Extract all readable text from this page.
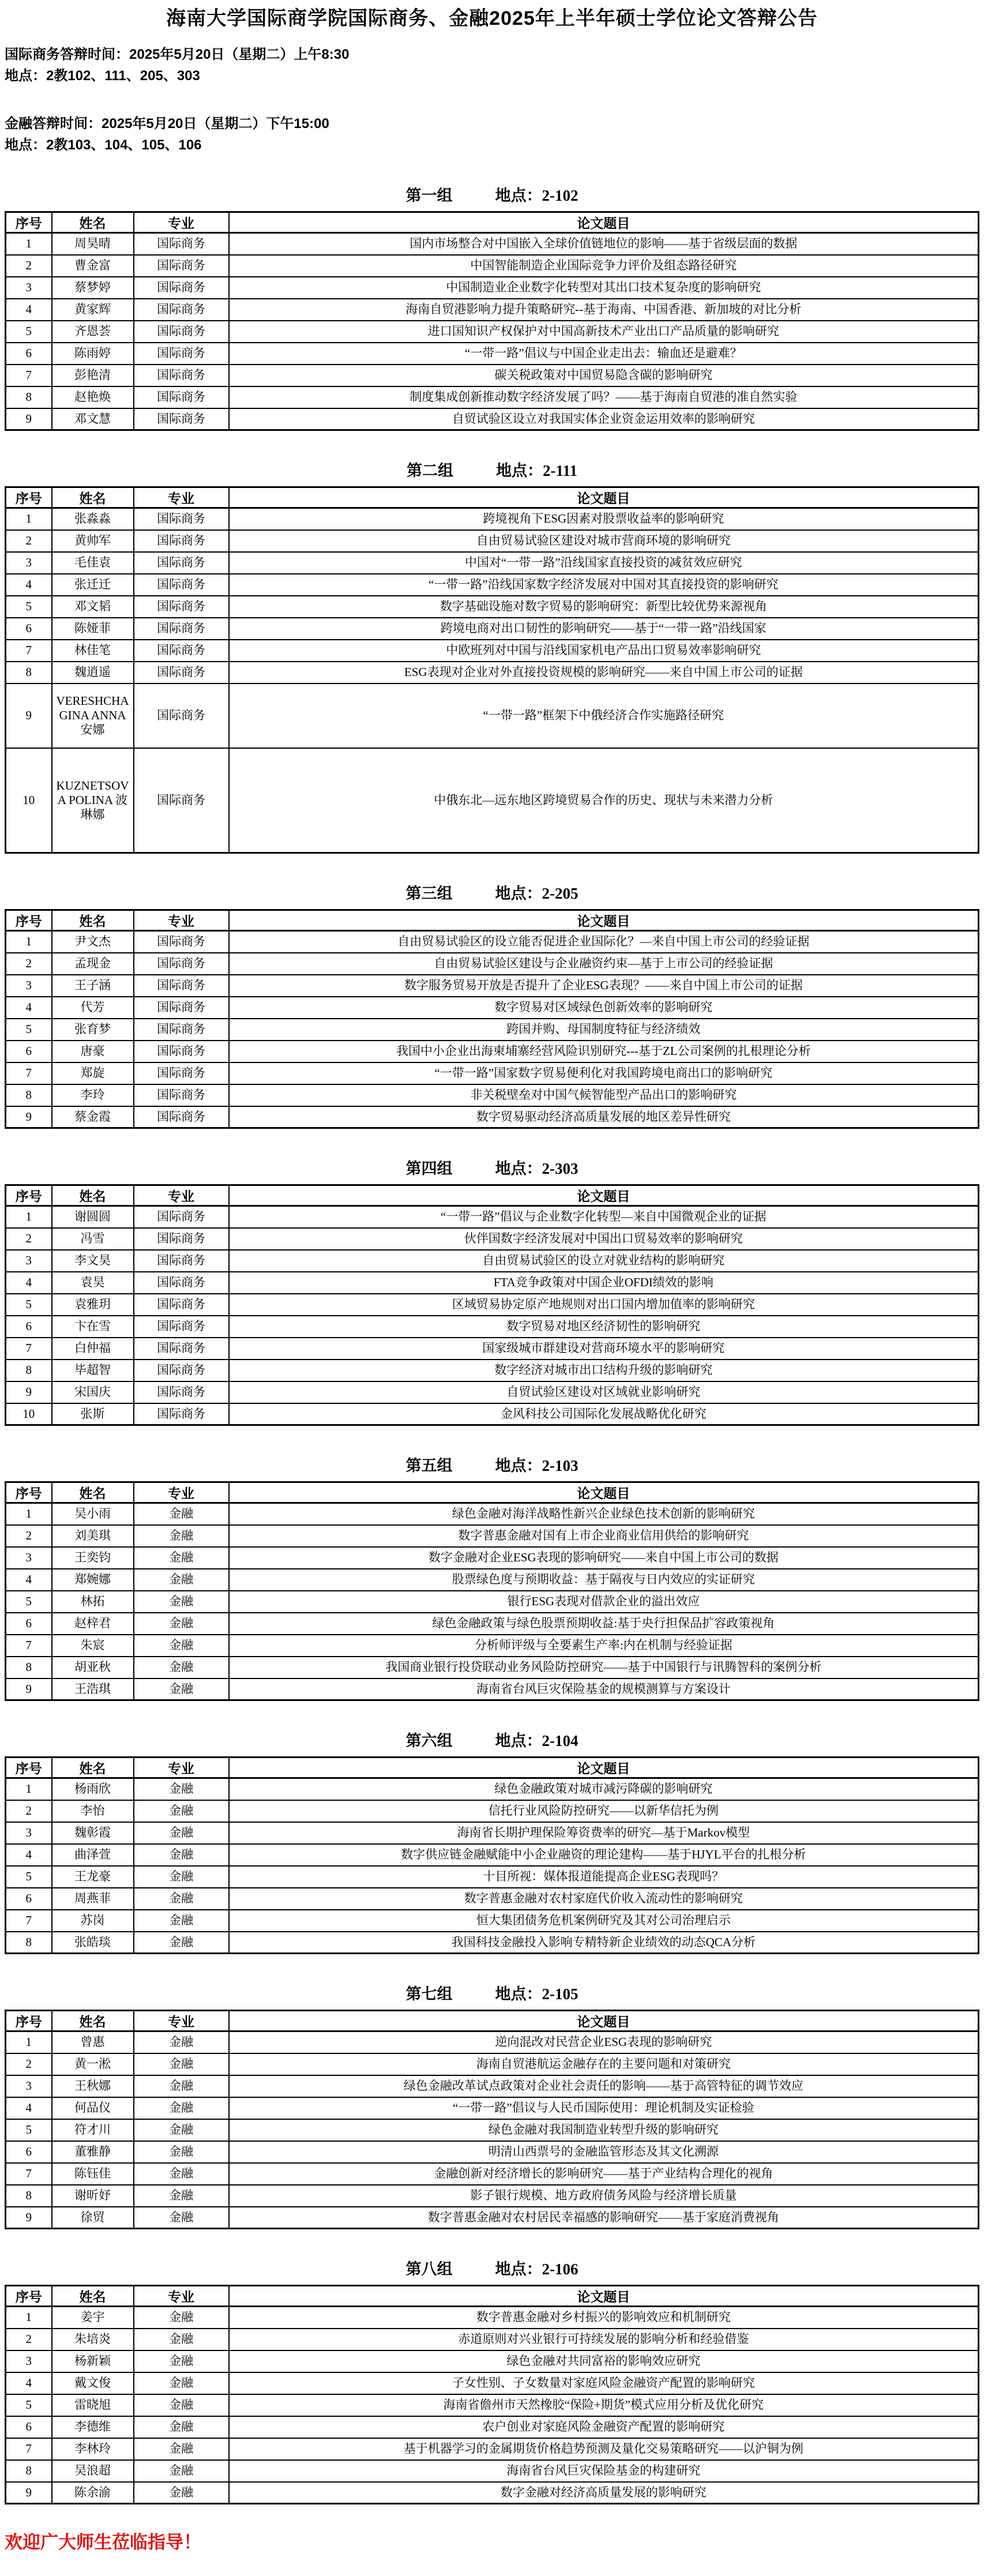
海南大学国际商学院国际商务、金融2025年上半年硕士学位论文答辩公告

国际商务答辩时间：2025年5月20日（星期二）上午8:30

地点：2教102、111、205、303

金融答辩时间：2025年5月20日（星期二）下午15:00

地点：2教103、104、105、106

第一组	地点：2-102
序号	姓名	专业	论文题目
1	周昊晴	国际商务	国内市场整合对中国嵌入全球价值链地位的影响——基于省级层面的数据
2	曹金富	国际商务	中国智能制造企业国际竞争力评价及组态路径研究
3	蔡梦婷	国际商务	中国制造业企业数字化转型对其出口技术复杂度的影响研究
4	黄家辉	国际商务	海南自贸港影响力提升策略研究--基于海南、中国香港、新加坡的对比分析
5	齐恩荟	国际商务	进口国知识产权保护对中国高新技术产业出口产品质量的影响研究
6	陈雨婷	国际商务	“一带一路”倡议与中国企业走出去：输血还是避难？
7	彭艳清	国际商务	碳关税政策对中国贸易隐含碳的影响研究
8	赵艳焕	国际商务	制度集成创新推动数字经济发展了吗？——基于海南自贸港的准自然实验
9	邓文慧	国际商务	自贸试验区设立对我国实体企业资金运用效率的影响研究
第二组	地点：2-111
序号	姓名	专业	论文题目
1	张淼淼	国际商务	跨境视角下ESG因素对股票收益率的影响研究
2	黄帅军	国际商务	自由贸易试验区建设对城市营商环境的影响研究
3	毛佳袁	国际商务	中国对“一带一路”沿线国家直接投资的减贫效应研究
4	张迁迁	国际商务	“一带一路”沿线国家数字经济发展对中国对其直接投资的影响研究
5	邓文韬	国际商务	数字基础设施对数字贸易的影响研究：新型比较优势来源视角
6	陈娅菲	国际商务	跨境电商对出口韧性的影响研究——基于“一带一路”沿线国家
7	林佳笔	国际商务	中欧班列对中国与沿线国家机电产品出口贸易效率影响研究
8	魏逍遥	国际商务	ESG表现对企业对外直接投资规模的影响研究——来自中国上市公司的证据
9	VERESHCHAGINA ANNA 安娜	国际商务	“一带一路”框架下中俄经济合作实施路径研究
10	KUZNETSOVA POLINA 波琳娜	国际商务	中俄东北—远东地区跨境贸易合作的历史、现状与未来潜力分析
第三组	地点：2-205
序号	姓名	专业	论文题目
1	尹文杰	国际商务	自由贸易试验区的设立能否促进企业国际化？—来自中国上市公司的经验证据
2	孟现金	国际商务	自由贸易试验区建设与企业融资约束—基于上市公司的经验证据
3	王子涵	国际商务	数字服务贸易开放是否提升了企业ESG表现？——来自中国上市公司的证据
4	代芳	国际商务	数字贸易对区域绿色创新效率的影响研究
5	张育梦	国际商务	跨国并购、母国制度特征与经济绩效
6	唐豪	国际商务	我国中小企业出海柬埔寨经营风险识别研究---基于ZL公司案例的扎根理论分析
7	郑旋	国际商务	“一带一路”国家数字贸易便利化对我国跨境电商出口的影响研究
8	李玲	国际商务	非关税壁垒对中国气候智能型产品出口的影响研究
9	蔡金霞	国际商务	数字贸易驱动经济高质量发展的地区差异性研究
第四组	地点：2-303
序号	姓名	专业	论文题目
1	谢圆圆	国际商务	“一带一路”倡议与企业数字化转型—来自中国微观企业的证据
2	冯雪	国际商务	伙伴国数字经济发展对中国出口贸易效率的影响研究
3	李文昊	国际商务	自由贸易试验区的设立对就业结构的影响研究
4	袁昊	国际商务	FTA竞争政策对中国企业OFDI绩效的影响
5	袁雅玥	国际商务	区域贸易协定原产地规则对出口国内增加值率的影响研究
6	卞在雪	国际商务	数字贸易对地区经济韧性的影响研究
7	白仲福	国际商务	国家级城市群建设对营商环境水平的影响研究
8	毕超智	国际商务	数字经济对城市出口结构升级的影响研究
9	宋国庆	国际商务	自贸试验区建设对区域就业影响研究
10	张斯	国际商务	金风科技公司国际化发展战略优化研究
第五组	地点：2-103
序号	姓名	专业	论文题目
1	吴小雨	金融	绿色金融对海洋战略性新兴企业绿色技术创新的影响研究
2	刘美琪	金融	数字普惠金融对国有上市企业商业信用供给的影响研究
3	王奕钧	金融	数字金融对企业ESG表现的影响研究——来自中国上市公司的数据
4	郑婉娜	金融	股票绿色度与预期收益：基于隔夜与日内效应的实证研究
5	林拓	金融	银行ESG表现对借款企业的溢出效应
6	赵梓君	金融	绿色金融政策与绿色股票预期收益:基于央行担保品扩容政策视角
7	朱宸	金融	分析师评级与全要素生产率:内在机制与经验证据
8	胡亚秋	金融	我国商业银行投贷联动业务风险防控研究——基于中国银行与讯腾智科的案例分析
9	王浩琪	金融	海南省台风巨灾保险基金的规模测算与方案设计
第六组	地点：2-104
序号	姓名	专业	论文题目
1	杨雨欣	金融	绿色金融政策对城市减污降碳的影响研究
2	李怡	金融	信托行业风险防控研究——以新华信托为例
3	魏彰霞	金融	海南省长期护理保险筹资费率的研究—基于Markov模型
4	曲泽萱	金融	数字供应链金融赋能中小企业融资的理论建构——基于HJYL平台的扎根分析
5	王龙豪	金融	十目所视：媒体报道能提高企业ESG表现吗？
6	周燕菲	金融	数字普惠金融对农村家庭代价收入流动性的影响研究
7	苏岗	金融	恒大集团债务危机案例研究及其对公司治理启示
8	张皓琰	金融	我国科技金融投入影响专精特新企业绩效的动态QCA分析
第七组	地点：2-105
序号	姓名	专业	论文题目
1	曾惠	金融	逆向混改对民营企业ESG表现的影响研究
2	黄一淞	金融	海南自贸港航运金融存在的主要问题和对策研究
3	王秋娜	金融	绿色金融改革试点政策对企业社会责任的影响——基于高管特征的调节效应
4	何品仪	金融	“一带一路”倡议与人民币国际使用：理论机制及实证检验
5	符才川	金融	绿色金融对我国制造业转型升级的影响研究
6	董雅静	金融	明清山西票号的金融监管形态及其文化溯源
7	陈钰佳	金融	金融创新对经济增长的影响研究——基于产业结构合理化的视角
8	谢昕妤	金融	影子银行规模、地方政府债务风险与经济增长质量
9	徐贸	金融	数字普惠金融对农村居民幸福感的影响研究——基于家庭消费视角
第八组	地点：2-106
序号	姓名	专业	论文题目
1	姜宇	金融	数字普惠金融对乡村振兴的影响效应和机制研究
2	朱培炎	金融	赤道原则对兴业银行可持续发展的影响分析和经验借鉴
3	杨新颖	金融	绿色金融对共同富裕的影响效应研究
4	戴文俊	金融	子女性别、子女数量对家庭风险金融资产配置的影响研究
5	雷晓旭	金融	海南省儋州市天然橡胶“保险+期货”模式应用分析及优化研究
6	李德维	金融	农户创业对家庭风险金融资产配置的影响研究
7	李林玲	金融	基于机器学习的金属期货价格趋势预测及量化交易策略研究——以沪铜为例
8	吴浪超	金融	海南省台风巨灾保险基金的构建研究
9	陈余渝	金融	数字金融对经济高质量发展的影响研究

欢迎广大师生莅临指导！
